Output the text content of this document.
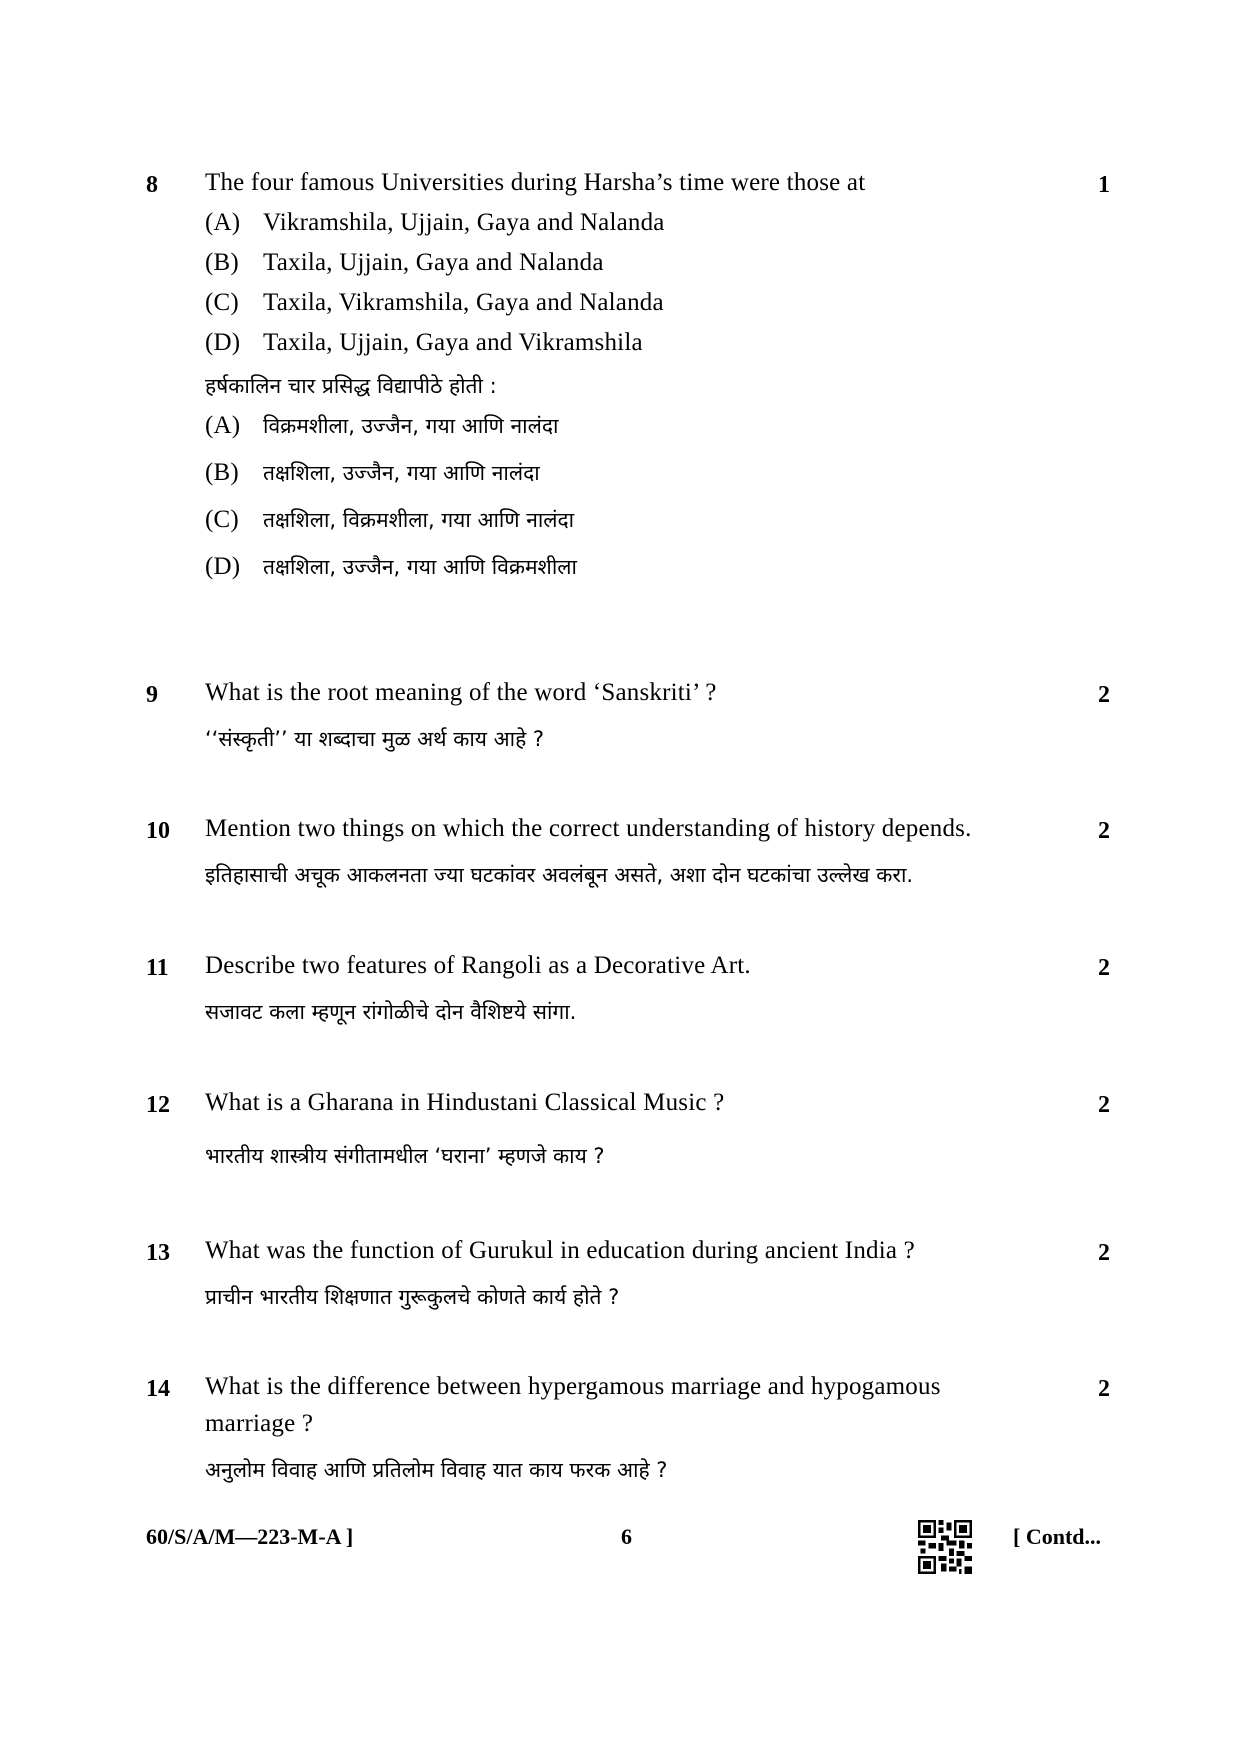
8 The four famous Universities during Harsha’s time were those at	1
(A) Vikramshila, Ujjain, Gaya and Nalanda
(B) Taxila, Ujjain, Gaya and Nalanda
(C) Taxila, Vikramshila, Gaya and Nalanda
(D) Taxila, Ujjain, Gaya and Vikramshila
हर्षकालिन चार प्रसिद्ध विद्यापीठे होती :
(A) विक्रमशीला, उज्जैन, गया आणि नालंदा
(B) तक्षशिला, उज्जैन, गया आणि नालंदा
(C) तक्षशिला, विक्रमशीला, गया आणि नालंदा
(D) तक्षशिला, उज्जैन, गया आणि विक्रमशीला
9 What is the root meaning of the word ‘Sanskriti’ ?	2
‘‘संस्कृती’’ या शब्दाचा मुळ अर्थ काय आहे ?
10 Mention two things on which the correct understanding of history depends.	2
इतिहासाची अचूक आकलनता ज्या घटकांवर अवलंबून असते, अशा दोन घटकांचा उल्लेख करा.
11 Describe two features of Rangoli as a Decorative Art.	2
सजावट कला म्हणून रांगोळीचे दोन वैशिष्टये सांगा.
12 What is a Gharana in Hindustani Classical Music ?	2
भारतीय शास्त्रीय संगीतामधील ‘घराना’ म्हणजे काय ?
13 What was the function of Gurukul in education during ancient India ?	2
प्राचीन भारतीय शिक्षणात गुरूकुलचे कोणते कार्य होते ?
14 What is the difference between hypergamous marriage and hypogamous	2
marriage ?
अनुलोम विवाह आणि प्रतिलोम विवाह यात काय फरक आहे ?
60/S/A/M—223-M-A ]	6	[ Contd...
